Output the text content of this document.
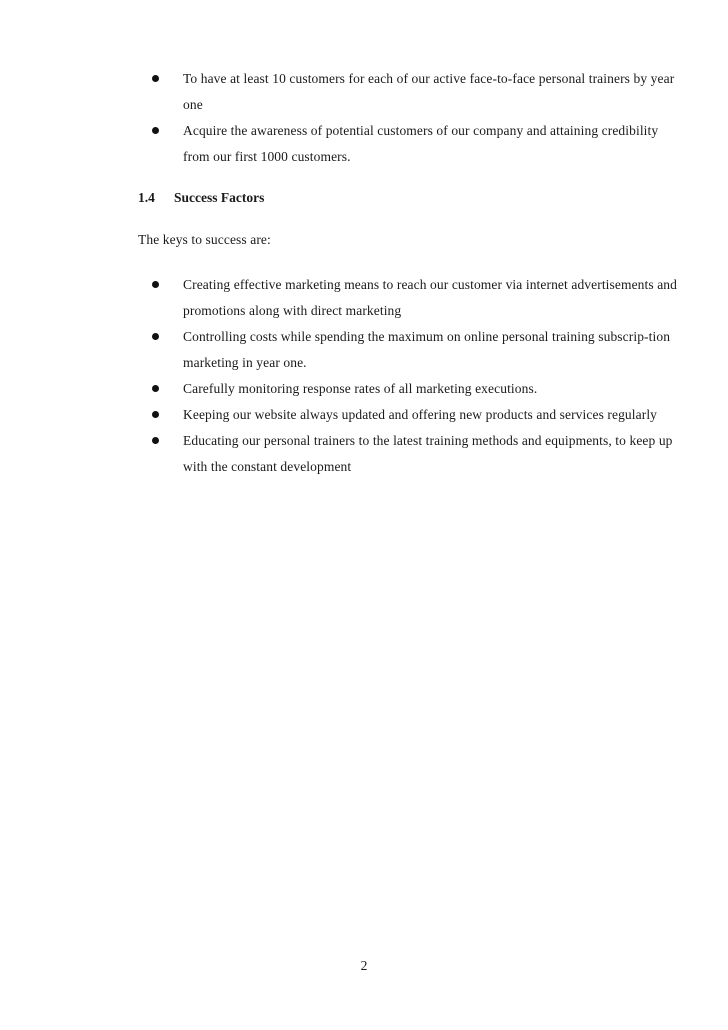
To have at least 10 customers for each of our active face-to-face personal trainers by year one
Acquire the awareness of potential customers of our company and attaining credibility from our first 1000 customers.
1.4 Success Factors

The keys to success are:

Creating effective marketing means to reach our customer via internet advertisements and promotions along with direct marketing
Controlling costs while spending the maximum on online personal training subscrip-tion marketing in year one.
Carefully monitoring response rates of all marketing executions.
Keeping our website always updated and offering new products and services regularly
Educating our personal trainers to the latest training methods and equipments, to keep up with the constant development

2
